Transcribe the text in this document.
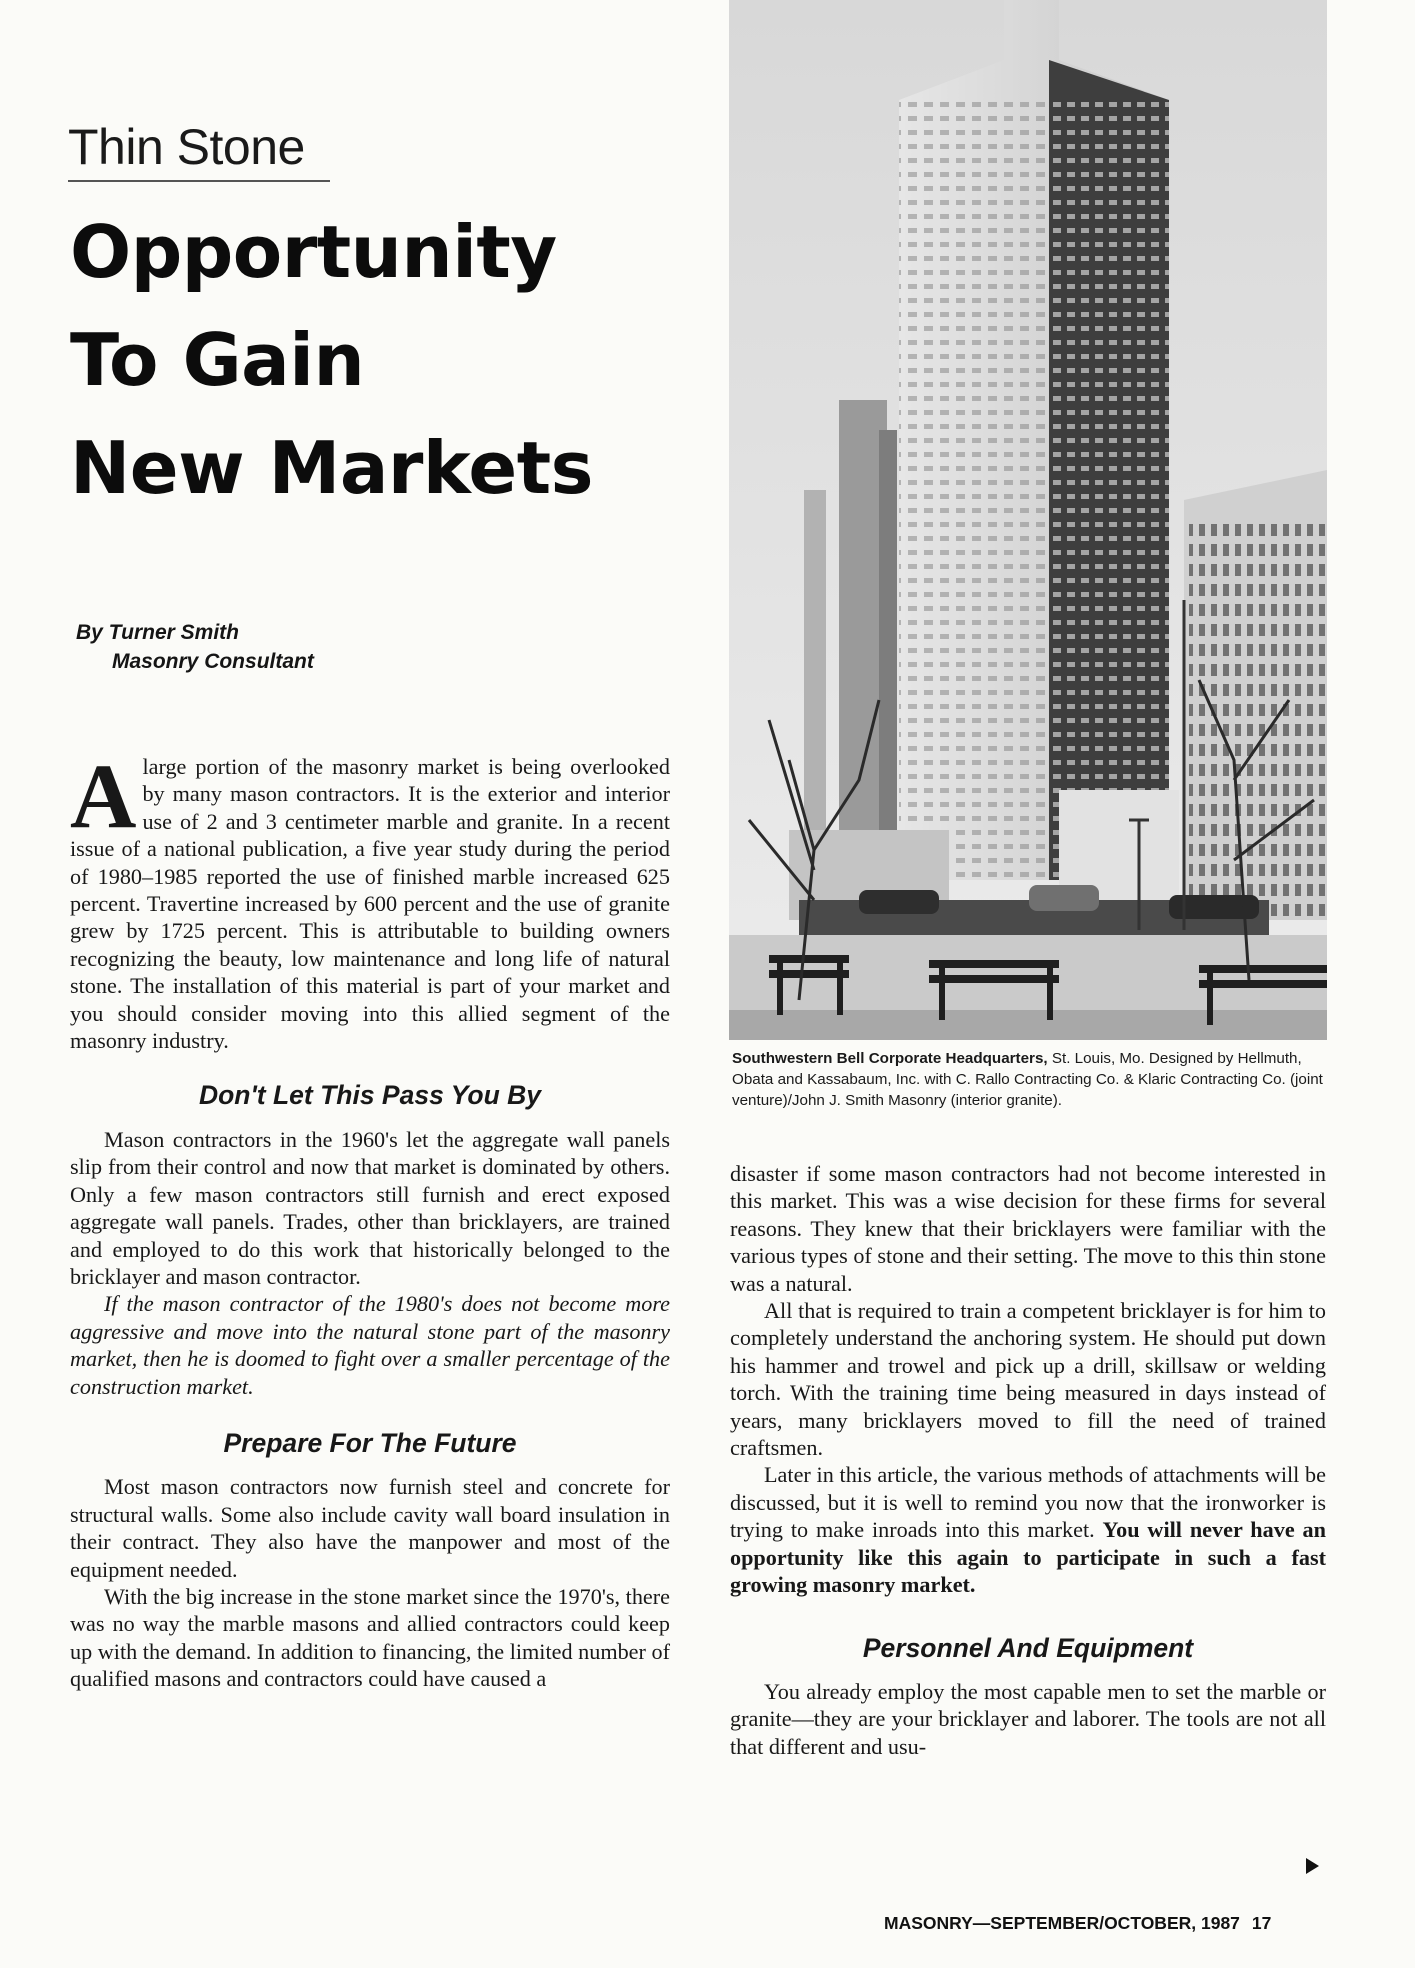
Thin Stone
Opportunity
To Gain
New Markets
By Turner Smith
Masonry Consultant

A large portion of the masonry market is being overlooked by many mason contractors. It is the exterior and interior use of 2 and 3 centimeter marble and granite. In a recent issue of a national publication, a five year study during the period of 1980–1985 reported the use of finished marble increased 625 percent. Travertine increased by 600 percent and the use of granite grew by 1725 percent. This is attributable to building owners recognizing the beauty, low maintenance and long life of natural stone. The installation of this material is part of your market and you should consider moving into this allied segment of the masonry industry.

Don't Let This Pass You By

Mason contractors in the 1960's let the aggregate wall panels slip from their control and now that market is dominated by others. Only a few mason contractors still furnish and erect exposed aggregate wall panels. Trades, other than bricklayers, are trained and employed to do this work that historically belonged to the bricklayer and mason contractor.

If the mason contractor of the 1980's does not become more aggressive and move into the natural stone part of the masonry market, then he is doomed to fight over a smaller percentage of the construction market.

Prepare For The Future

Most mason contractors now furnish steel and concrete for structural walls. Some also include cavity wall board insulation in their contract. They also have the manpower and most of the equipment needed.

With the big increase in the stone market since the 1970's, there was no way the marble masons and allied contractors could keep up with the demand. In addition to financing, the limited number of qualified masons and contractors could have caused a

Southwestern Bell Corporate Headquarters, St. Louis, Mo. Designed by Hellmuth, Obata and Kassabaum, Inc. with C. Rallo Contracting Co. & Klaric Contracting Co. (joint venture)/John J. Smith Masonry (interior granite).

disaster if some mason contractors had not become interested in this market. This was a wise decision for these firms for several reasons. They knew that their bricklayers were familiar with the various types of stone and their setting. The move to this thin stone was a natural.

All that is required to train a competent bricklayer is for him to completely understand the anchoring system. He should put down his hammer and trowel and pick up a drill, skillsaw or welding torch. With the training time being measured in days instead of years, many bricklayers moved to fill the need of trained craftsmen.

Later in this article, the various methods of attachments will be discussed, but it is well to remind you now that the ironworker is trying to make inroads into this market. You will never have an opportunity like this again to participate in such a fast growing masonry market.

Personnel And Equipment

You already employ the most capable men to set the marble or granite—they are your bricklayer and laborer. The tools are not all that different and usu-

MASONRY—SEPTEMBER/OCTOBER, 1987 17
